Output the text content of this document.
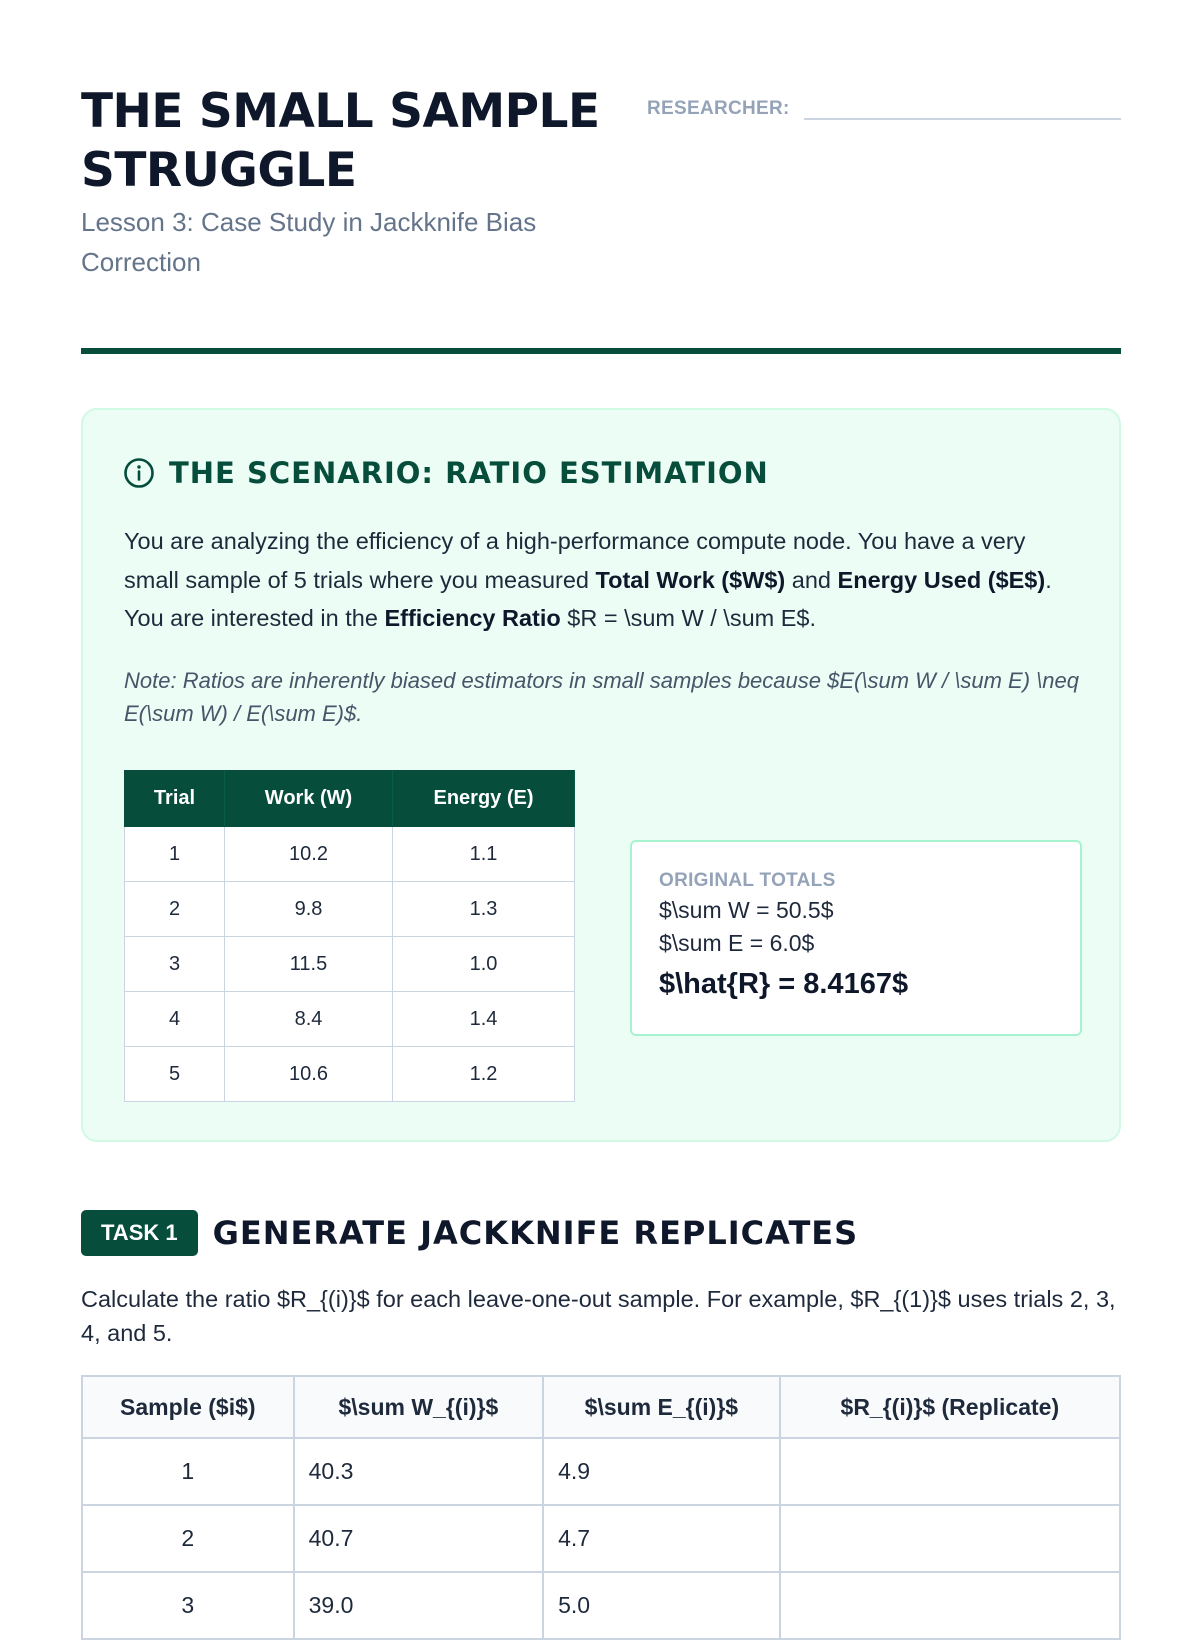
THE SMALL SAMPLE STRUGGLE
Lesson 3: Case Study in Jackknife Bias Correction
RESEARCHER:
THE SCENARIO: RATIO ESTIMATION

You are analyzing the efficiency of a high-performance compute node. You have a very small sample of 5 trials where you measured Total Work ($W$) and Energy Used ($E$). You are interested in the Efficiency Ratio $R = \sum W / \sum E$.

Note: Ratios are inherently biased estimators in small samples because $E(\sum W / \sum E) \neq E(\sum W) / E(\sum E)$.

Trial	Work (W)	Energy (E)
1	10.2	1.1
2	9.8	1.3
3	11.5	1.0
4	8.4	1.4
5	10.6	1.2
ORIGINAL TOTALS
$\sum W = 50.5$
$\sum E = 6.0$
$\hat{R} = 8.4167$
TASK 1	GENERATE JACKKNIFE REPLICATES

Calculate the ratio $R_{(i)}$ for each leave-one-out sample. For example, $R_{(1)}$ uses trials 2, 3, 4, and 5.

Sample ($i$)	$\sum W_{(i)}$	$\sum E_{(i)}$	$R_{(i)}$ (Replicate)
1	40.3	4.9	
2	40.7	4.7	
3	39.0	5.0	
